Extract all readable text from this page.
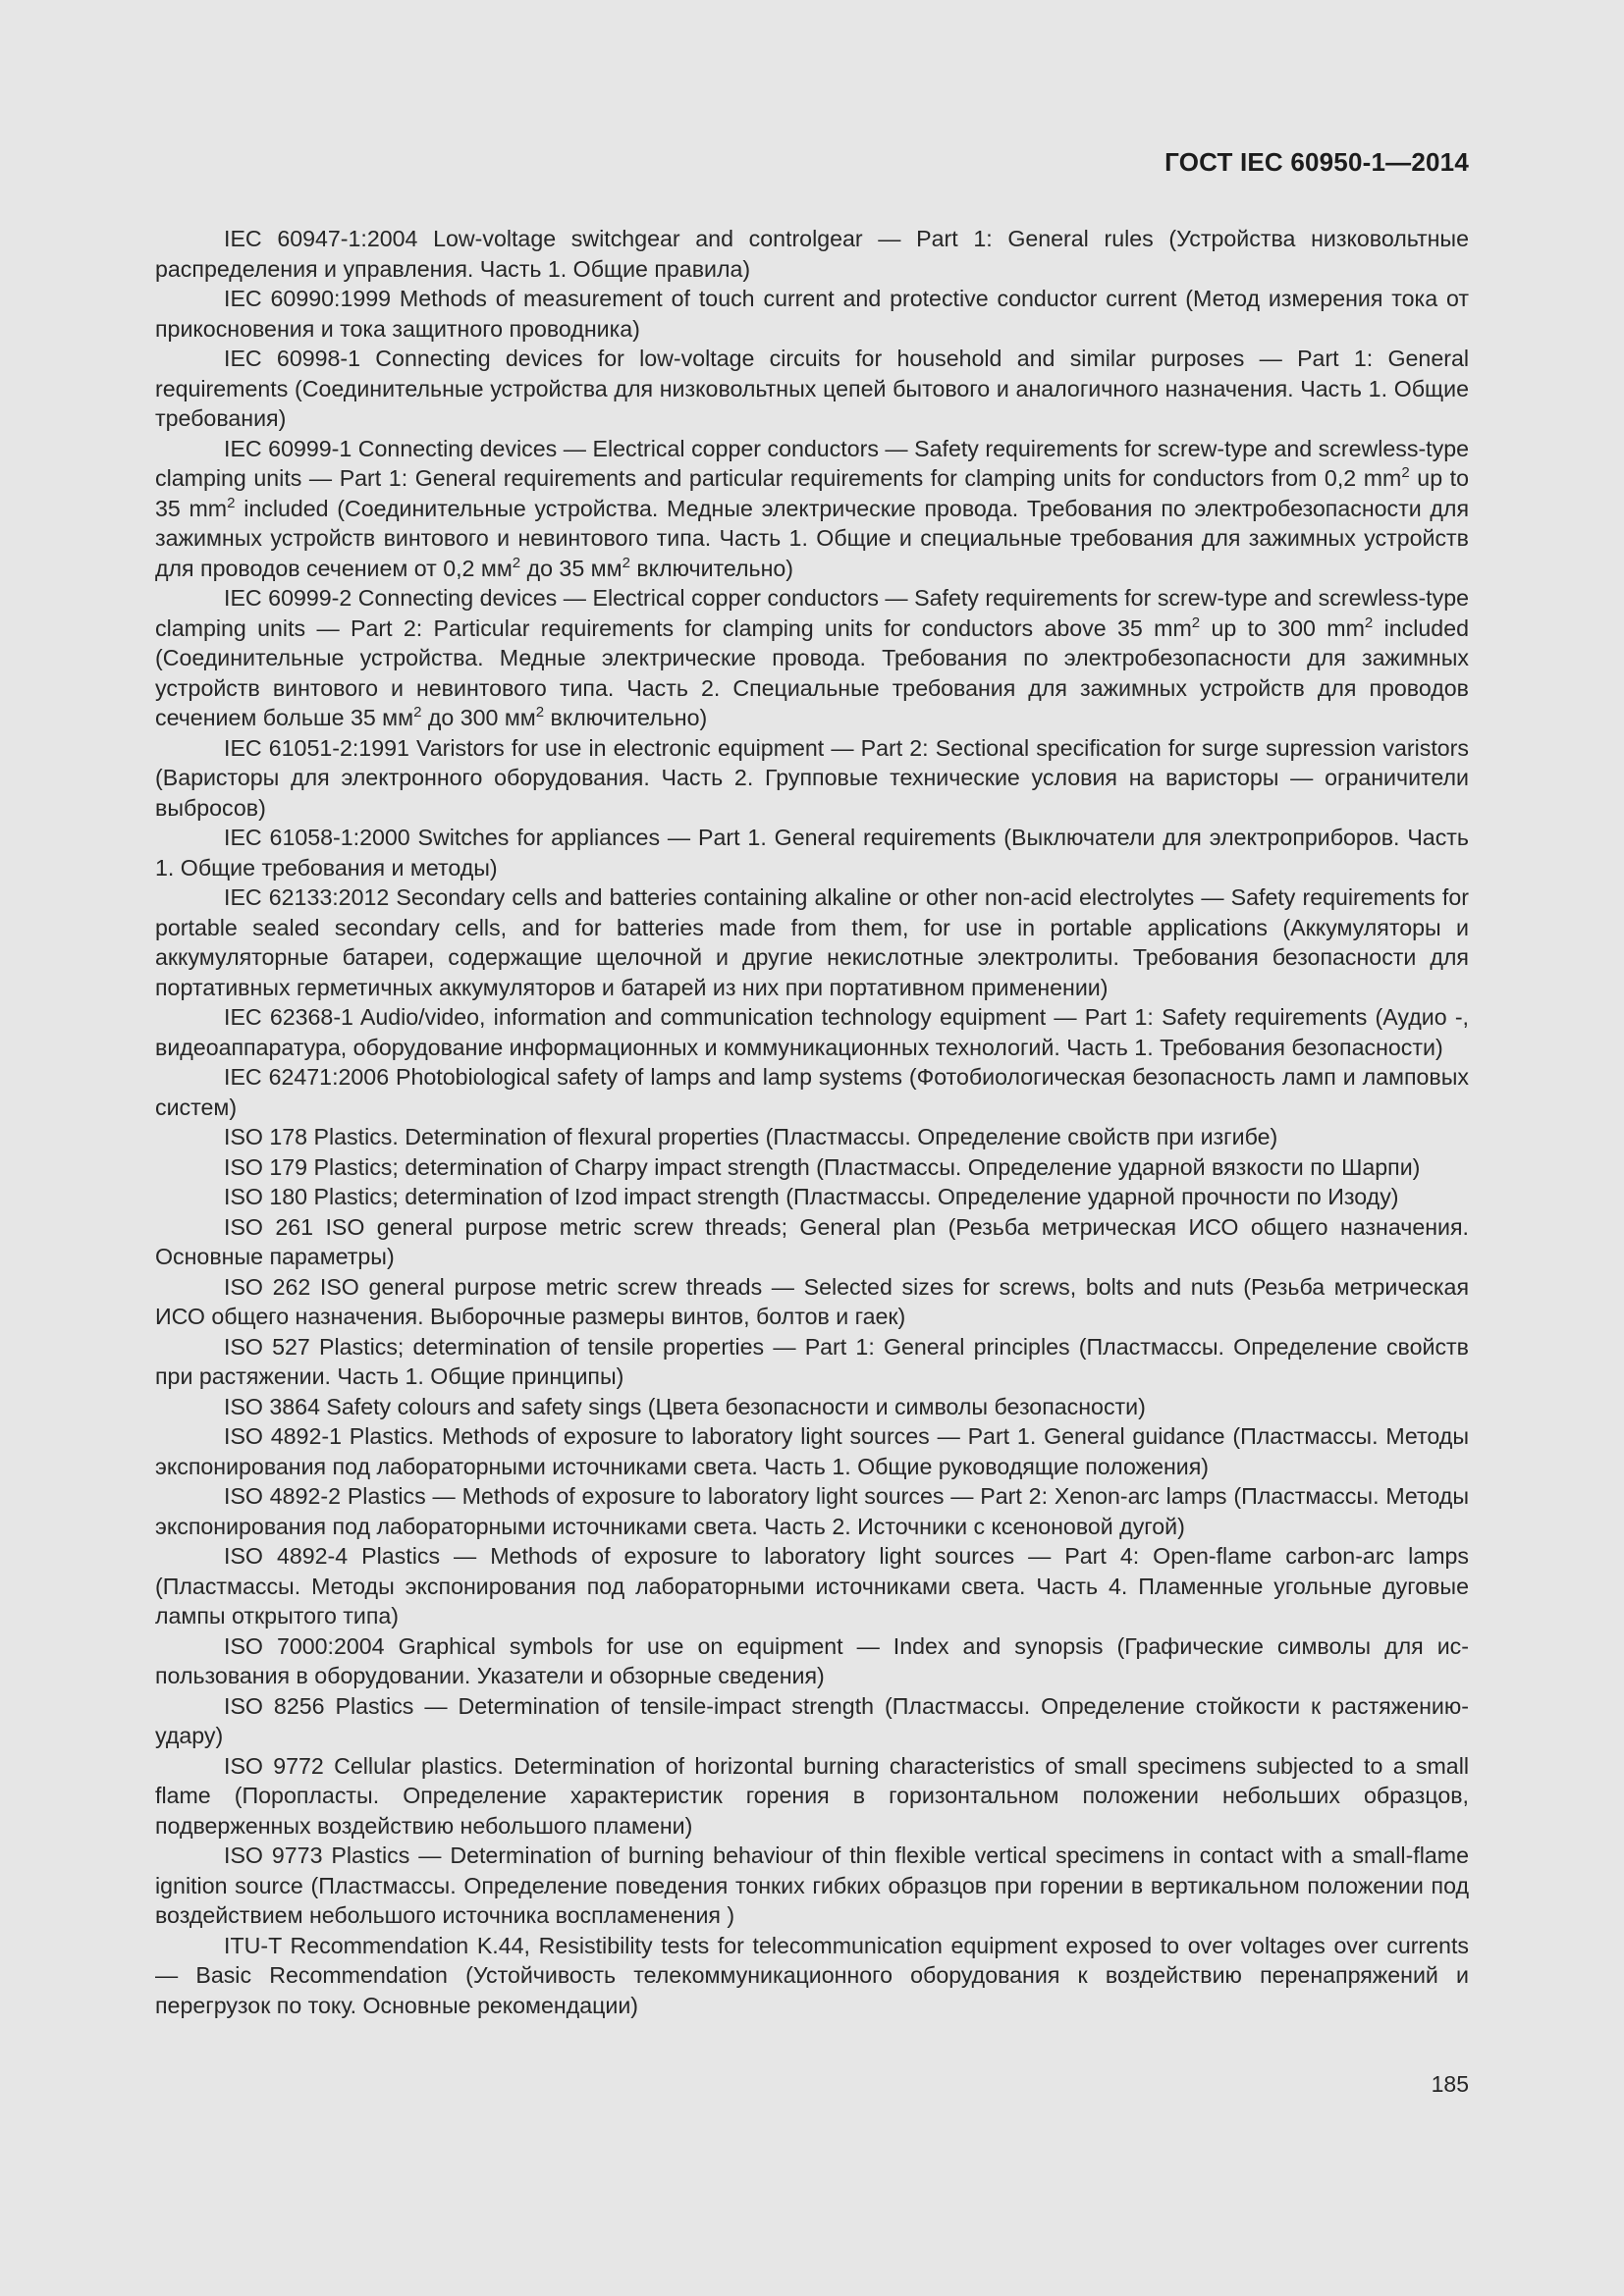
ГОСТ IEC 60950-1—2014

IEC 60947-1:2004 Low-voltage switchgear and controlgear — Part 1: General rules (Устройства низковольтные распределения и управления. Часть 1. Общие правила)

IEC 60990:1999 Methods of measurement of touch current and protective conductor current (Метод измерения тока от прикосновения и тока защитного проводника)

IEC 60998-1 Connecting devices for low-voltage circuits for household and similar purposes — Part 1: General requirements (Соединительные устройства для низковольтных цепей бытового и аналогичного назначения. Часть 1. Общие требования)

IEC 60999-1 Connecting devices — Electrical copper conductors — Safety requirements for screw-type and screwless-type clamping units — Part 1: General requirements and particular requirements for clamping units for conductors from 0,2 $mm^2$ up to 35 $mm^2$ included (Соединительные устройства. Медные электрические провода. Требования по электробезопасности для зажимных устройств винтового и невинтового типа. Часть 1. Общие и специальные требования для зажимных устройств для проводов сечением от 0,2 $мм^2$ до 35 $мм^2$ включительно)

IEC 60999-2 Connecting devices — Electrical copper conductors — Safety requirements for screw-type and screwless-type clamping units — Part 2: Particular requirements for clamping units for conductors above 35 $mm^2$ up to 300 $mm^2$ included (Соединительные устройства. Медные электрические провода. Требования по электробезопасности для зажимных устройств винтового и невинтового типа. Часть 2. Специальные требования для зажимных устройств для проводов сечением больше 35 $мм^2$ до 300 $мм^2$ включительно)

IEC 61051-2:1991 Varistors for use in electronic equipment — Part 2: Sectional specification for surge supression varistors (Варисторы для электронного оборудования. Часть 2. Групповые технические условия на варисторы — ограничители выбросов)

IEC 61058-1:2000 Switches for appliances — Part 1. General requirements (Выключатели для электроприборов. Часть 1. Общие требования и методы)

IEC 62133:2012 Secondary cells and batteries containing alkaline or other non-acid electrolytes — Safety requirements for portable sealed secondary cells, and for batteries made from them, for use in portable applications (Аккумуляторы и аккумуляторные батареи, содержащие щелочной и другие некислотные электролиты. Требования безопасности для портативных герметичных аккумуляторов и батарей из них при портативном применении)

IEC 62368-1 Audio/video, information and communication technology equipment — Part 1: Safety requirements (Аудио -, видеоаппаратура, оборудование информационных и коммуникационных технологий. Часть 1. Требования безопасности)

IEC 62471:2006 Photobiological safety of lamps and lamp systems (Фотобиологическая безопасность ламп и ламповых систем)

ISO 178 Plastics. Determination of flexural properties (Пластмассы. Определение свойств при изгибе)

ISO 179 Plastics; determination of Charpy impact strength (Пластмассы. Определение ударной вязкости по Шарпи)

ISO 180 Plastics; determination of Izod impact strength (Пластмассы. Определение ударной прочности по Изоду)

ISO 261 ISO general purpose metric screw threads; General plan (Резьба метрическая ИСО общего назначения. Основные параметры)

ISO 262 ISO general purpose metric screw threads — Selected sizes for screws, bolts and nuts (Резьба метрическая ИСО общего назначения. Выборочные размеры винтов, болтов и гаек)

ISO 527 Plastics; determination of tensile properties — Part 1: General principles (Пластмассы. Определение свойств при растяжении. Часть 1. Общие принципы)

ISO 3864 Safety colours and safety sings (Цвета безопасности и символы безопасности)

ISO 4892-1 Plastics. Methods of exposure to laboratory light sources — Part 1. General guidance (Пластмассы. Методы экспонирования под лабораторными источниками света. Часть 1. Общие руководящие положения)

ISO 4892-2 Plastics — Methods of exposure to laboratory light sources — Part 2: Xenon-arc lamps (Пластмассы. Методы экспонирования под лабораторными источниками света. Часть 2. Источники с ксеноновой дугой)

ISO 4892-4 Plastics — Methods of exposure to laboratory light sources — Part 4: Open-flame carbon-arc lamps (Пластмассы. Методы экспонирования под лабораторными источниками света. Часть 4. Пламенные угольные дуговые лампы открытого типа)

ISO 7000:2004 Graphical symbols for use on equipment — Index and synopsis (Графические символы для использования в оборудовании. Указатели и обзорные сведения)

ISO 8256 Plastics — Determination of tensile-impact strength (Пластмассы. Определение стойкости к растяжению-удару)

ISO 9772 Cellular plastics. Determination of horizontal burning characteristics of small specimens subjected to a small flame (Поропласты. Определение характеристик горения в горизонтальном положении небольших образцов, подверженных воздействию небольшого пламени)

ISO 9773 Plastics — Determination of burning behaviour of thin flexible vertical specimens in contact with a small-flame ignition source (Пластмассы. Определение поведения тонких гибких образцов при горении в вертикальном положении под воздействием небольшого источника воспламенения )

ITU-T Recommendation K.44, Resistibility tests for telecommunication equipment exposed to over voltages over currents — Basic Recommendation (Устойчивость телекоммуникационного оборудования к воздействию перенапряжений и перегрузок по току. Основные рекомендации)

185
